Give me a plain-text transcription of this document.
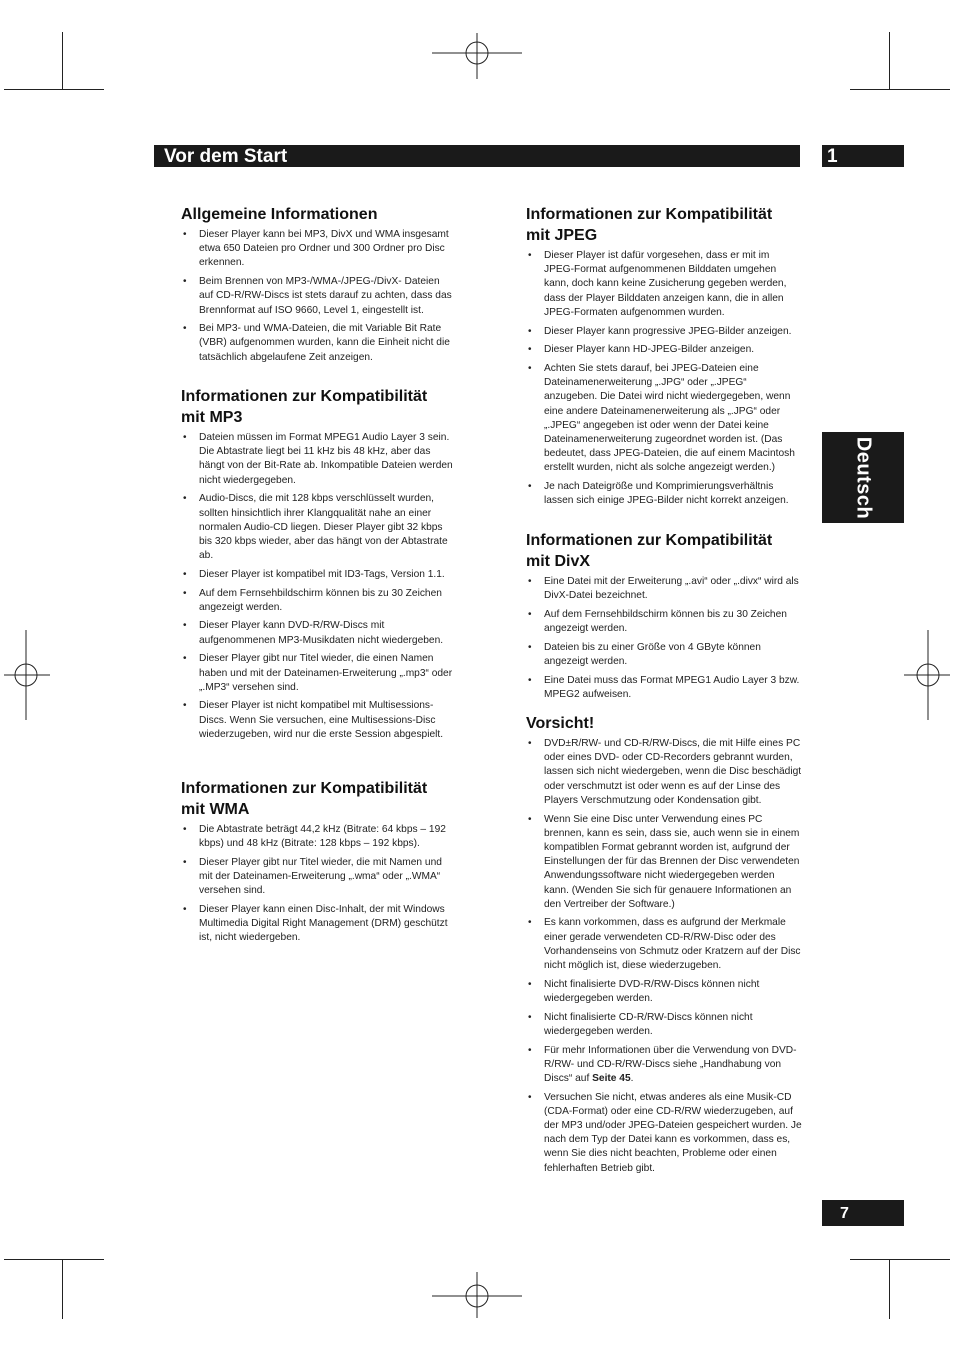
Vor dem Start	1
Deutsch
7
Allgemeine Informationen
• Dieser Player kann bei MP3, DivX und WMA insgesamt etwa 650 Dateien pro Ordner und 300 Ordner pro Disc erkennen.
• Beim Brennen von MP3-/WMA-/JPEG-/DivX- Dateien auf CD-R/RW-Discs ist stets darauf zu achten, dass das Brennformat auf ISO 9660, Level 1, eingestellt ist.
• Bei MP3- und WMA-Dateien, die mit Variable Bit Rate (VBR) aufgenommen wurden, kann die Einheit nicht die tatsächlich abgelaufene Zeit anzeigen.
Informationen zur Kompatibilität
mit MP3
• Dateien müssen im Format MPEG1 Audio Layer 3 sein. Die Abtastrate liegt bei 11 kHz bis 48 kHz, aber das hängt von der Bit-Rate ab. Inkompatible Dateien werden nicht wiedergegeben.
• Audio-Discs, die mit 128 kbps verschlüsselt wurden, sollten hinsichtlich ihrer Klangqualität nahe an einer normalen Audio-CD liegen. Dieser Player gibt 32 kbps bis 320 kbps wieder, aber das hängt von der Abtastrate ab.
• Dieser Player ist kompatibel mit ID3-Tags, Version 1.1.
• Auf dem Fernsehbildschirm können bis zu 30 Zeichen angezeigt werden.
• Dieser Player kann DVD-R/RW-Discs mit aufgenommenen MP3-Musikdaten nicht wiedergeben.
• Dieser Player gibt nur Titel wieder, die einen Namen haben und mit der Dateinamen-Erweiterung „.mp3“ oder „.MP3“ versehen sind.
• Dieser Player ist nicht kompatibel mit Multisessions-Discs. Wenn Sie versuchen, eine Multisessions-Disc wiederzugeben, wird nur die erste Session abgespielt.
Informationen zur Kompatibilität
mit WMA
• Die Abtastrate beträgt 44,2 kHz (Bitrate: 64 kbps – 192 kbps) und 48 kHz (Bitrate: 128 kbps – 192 kbps).
• Dieser Player gibt nur Titel wieder, die mit Namen und mit der Dateinamen-Erweiterung „.wma“ oder „.WMA“ versehen sind.
• Dieser Player kann einen Disc-Inhalt, der mit Windows Multimedia Digital Right Management (DRM) geschützt ist, nicht wiedergeben.
Informationen zur Kompatibilität
mit JPEG
• Dieser Player ist dafür vorgesehen, dass er mit im JPEG-Format aufgenommenen Bilddaten umgehen kann, doch kann keine Zusicherung gegeben werden, dass der Player Bilddaten anzeigen kann, die in allen JPEG-Formaten aufgenommen wurden.
• Dieser Player kann progressive JPEG-Bilder anzeigen.
• Dieser Player kann HD-JPEG-Bilder anzeigen.
• Achten Sie stets darauf, bei JPEG-Dateien eine Dateinamenerweiterung „.JPG“ oder „.JPEG“ anzugeben. Die Datei wird nicht wiedergegeben, wenn eine andere Dateinamenerweiterung als „.JPG“ oder „.JPEG“ angegeben ist oder wenn der Datei keine Dateinamenerweiterung zugeordnet worden ist. (Das bedeutet, dass JPEG-Dateien, die auf einem Macintosh erstellt wurden, nicht als solche angezeigt werden.)
• Je nach Dateigröße und Komprimierungsverhältnis lassen sich einige JPEG-Bilder nicht korrekt anzeigen.
Informationen zur Kompatibilität
mit DivX
• Eine Datei mit der Erweiterung „.avi“ oder „.divx“ wird als DivX-Datei bezeichnet.
• Auf dem Fernsehbildschirm können bis zu 30 Zeichen angezeigt werden.
• Dateien bis zu einer Größe von 4 GByte können angezeigt werden.
• Eine Datei muss das Format MPEG1 Audio Layer 3 bzw. MPEG2 aufweisen.
Vorsicht!
• DVD±R/RW- und CD-R/RW-Discs, die mit Hilfe eines PC oder eines DVD- oder CD-Recorders gebrannt wurden, lassen sich nicht wiedergeben, wenn die Disc beschädigt oder verschmutzt ist oder wenn es auf der Linse des Players Verschmutzung oder Kondensation gibt.
• Wenn Sie eine Disc unter Verwendung eines PC brennen, kann es sein, dass sie, auch wenn sie in einem kompatiblen Format gebrannt worden ist, aufgrund der Einstellungen der für das Brennen der Disc verwendeten Anwendungssoftware nicht wiedergegeben werden kann. (Wenden Sie sich für genauere Informationen an den Vertreiber der Software.)
• Es kann vorkommen, dass es aufgrund der Merkmale einer gerade verwendeten CD-R/RW-Disc oder des Vorhandenseins von Schmutz oder Kratzern auf der Disc nicht möglich ist, diese wiederzugeben.
• Nicht finalisierte DVD-R/RW-Discs können nicht wiedergegeben werden.
• Nicht finalisierte CD-R/RW-Discs können nicht wiedergegeben werden.
• Für mehr Informationen über die Verwendung von DVD-R/RW- und CD-R/RW-Discs siehe „Handhabung von Discs“ auf Seite 45.
• Versuchen Sie nicht, etwas anderes als eine Musik-CD (CDA-Format) oder eine CD-R/RW wiederzugeben, auf der MP3 und/oder JPEG-Dateien gespeichert wurden. Je nach dem Typ der Datei kann es vorkommen, dass es, wenn Sie dies nicht beachten, Probleme oder einen fehlerhaften Betrieb gibt.
